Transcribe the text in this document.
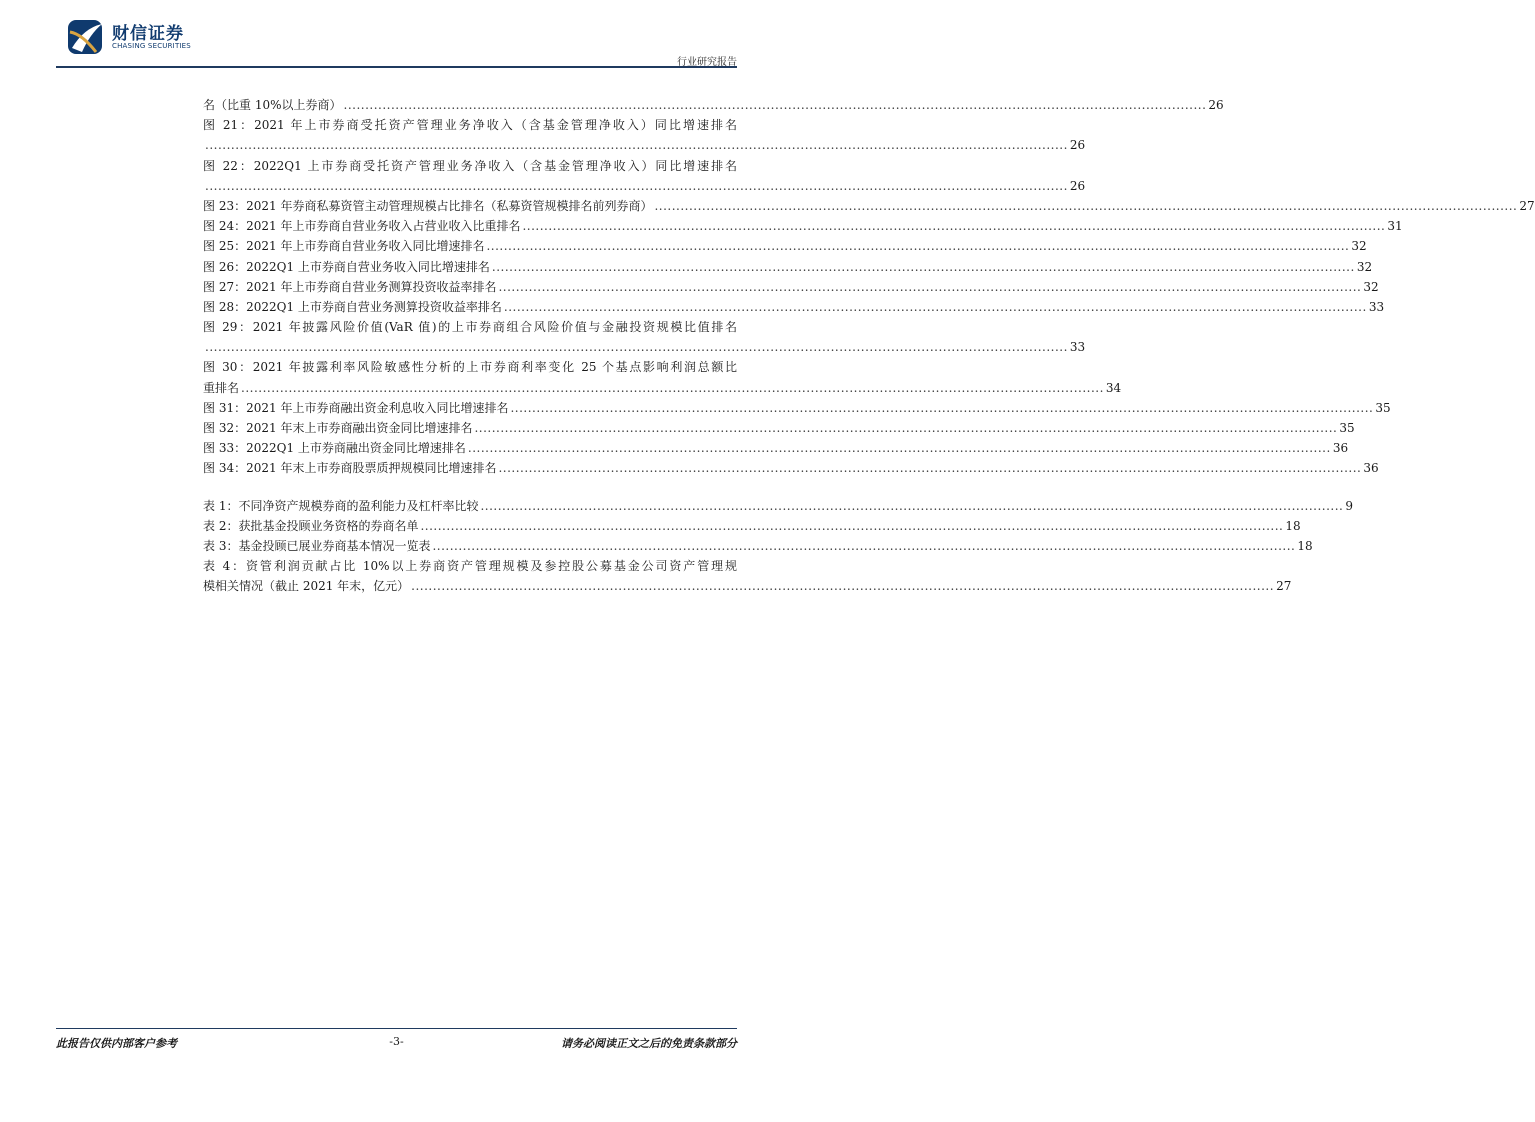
财信证券
CHASING SECURITIES
行业研究报告
名（比重 10%以上券商） ........................................................................................................................................................................................................ 26
图 21：2021 年上市券商受托资产管理业务净收入（含基金管理净收入）同比增速排名
........................................................................................................................................................................................................ 26
图 22：2022Q1 上市券商受托资产管理业务净收入（含基金管理净收入）同比增速排名
........................................................................................................................................................................................................ 26
图 23：2021 年券商私募资管主动管理规模占比排名（私募资管规模排名前列券商） ........................................................................................................................................................................................................ 27
图 24：2021 年上市券商自营业务收入占营业收入比重排名 ........................................................................................................................................................................................................ 31
图 25：2021 年上市券商自营业务收入同比增速排名 ........................................................................................................................................................................................................ 32
图 26：2022Q1 上市券商自营业务收入同比增速排名 ........................................................................................................................................................................................................ 32
图 27：2021 年上市券商自营业务测算投资收益率排名 ........................................................................................................................................................................................................ 32
图 28：2022Q1 上市券商自营业务测算投资收益率排名 ........................................................................................................................................................................................................ 33
图 29：2021 年披露风险价值(VaR 值)的上市券商组合风险价值与金融投资规模比值排名
........................................................................................................................................................................................................ 33
图 30：2021 年披露利率风险敏感性分析的上市券商利率变化 25 个基点影响利润总额比
重排名 ........................................................................................................................................................................................................ 34
图 31：2021 年上市券商融出资金利息收入同比增速排名 ........................................................................................................................................................................................................ 35
图 32：2021 年末上市券商融出资金同比增速排名 ........................................................................................................................................................................................................ 35
图 33：2022Q1 上市券商融出资金同比增速排名 ........................................................................................................................................................................................................ 36
图 34：2021 年末上市券商股票质押规模同比增速排名 ........................................................................................................................................................................................................ 36
表 1：不同净资产规模券商的盈利能力及杠杆率比较 ........................................................................................................................................................................................................ 9
表 2：获批基金投顾业务资格的券商名单 ........................................................................................................................................................................................................ 18
表 3：基金投顾已展业券商基本情况一览表 ........................................................................................................................................................................................................ 18
表 4：资管利润贡献占比 10%以上券商资产管理规模及参控股公募基金公司资产管理规
模相关情况（截止 2021 年末，亿元） ........................................................................................................................................................................................................ 27
此报告仅供内部客户参考	-3-	请务必阅读正文之后的免责条款部分
